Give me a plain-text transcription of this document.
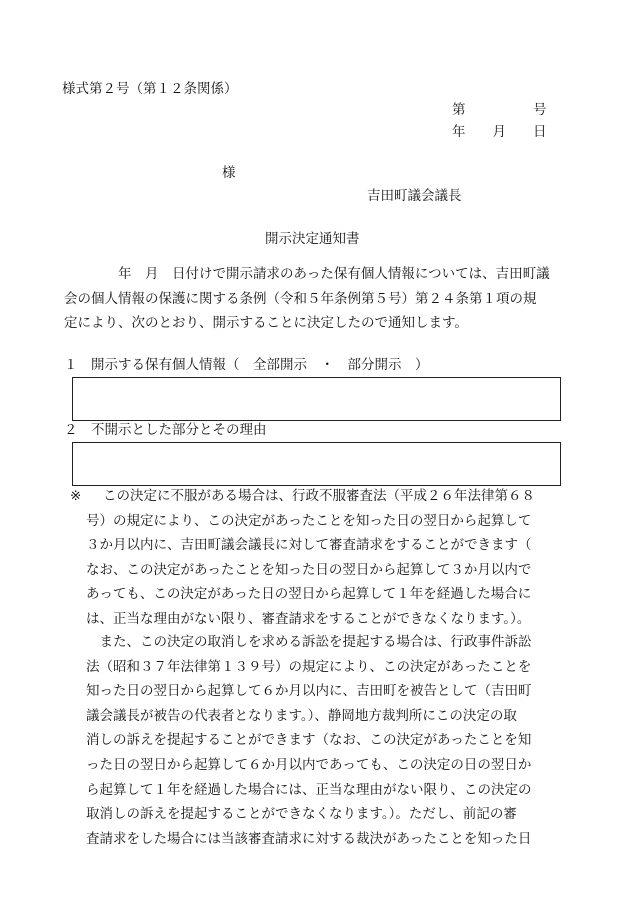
様式第２号（第１２条関係）
第　　　　　号
年　　月　　日
様
吉田町議会議長
開示決定通知書

　　　　年　月　日付けで開示請求のあった保有個人情報については、吉田町議

会の個人情報の保護に関する条例（令和５年条例第５号）第２４条第１項の規

定により、次のとおり、開示することに決定したので通知します。

１　開示する保有個人情報（　全部開示　・　部分開示　）
２　不開示とした部分とその理由
※ この決定に不服がある場合は、行政不服審査法（平成２６年法律第６８

号）の規定により、この決定があったことを知った日の翌日から起算して

３か月以内に、吉田町議会議長に対して審査請求をすることができます（

なお、この決定があったことを知った日の翌日から起算して３か月以内で

あっても、この決定があった日の翌日から起算して１年を経過した場合に

は、正当な理由がない限り、審査請求をすることができなくなります。）。

　また、この決定の取消しを求める訴訟を提起する場合は、行政事件訴訟

法（昭和３７年法律第１３９号）の規定により、この決定があったことを

知った日の翌日から起算して６か月以内に、吉田町を被告として（吉田町

議会議長が被告の代表者となります。）、静岡地方裁判所にこの決定の取

消しの訴えを提起することができます（なお、この決定があったことを知

った日の翌日から起算して６か月以内であっても、この決定の日の翌日か

ら起算して１年を経過した場合には、正当な理由がない限り、この決定の

取消しの訴えを提起することができなくなります。）。ただし、前記の審

査請求をした場合には当該審査請求に対する裁決があったことを知った日
